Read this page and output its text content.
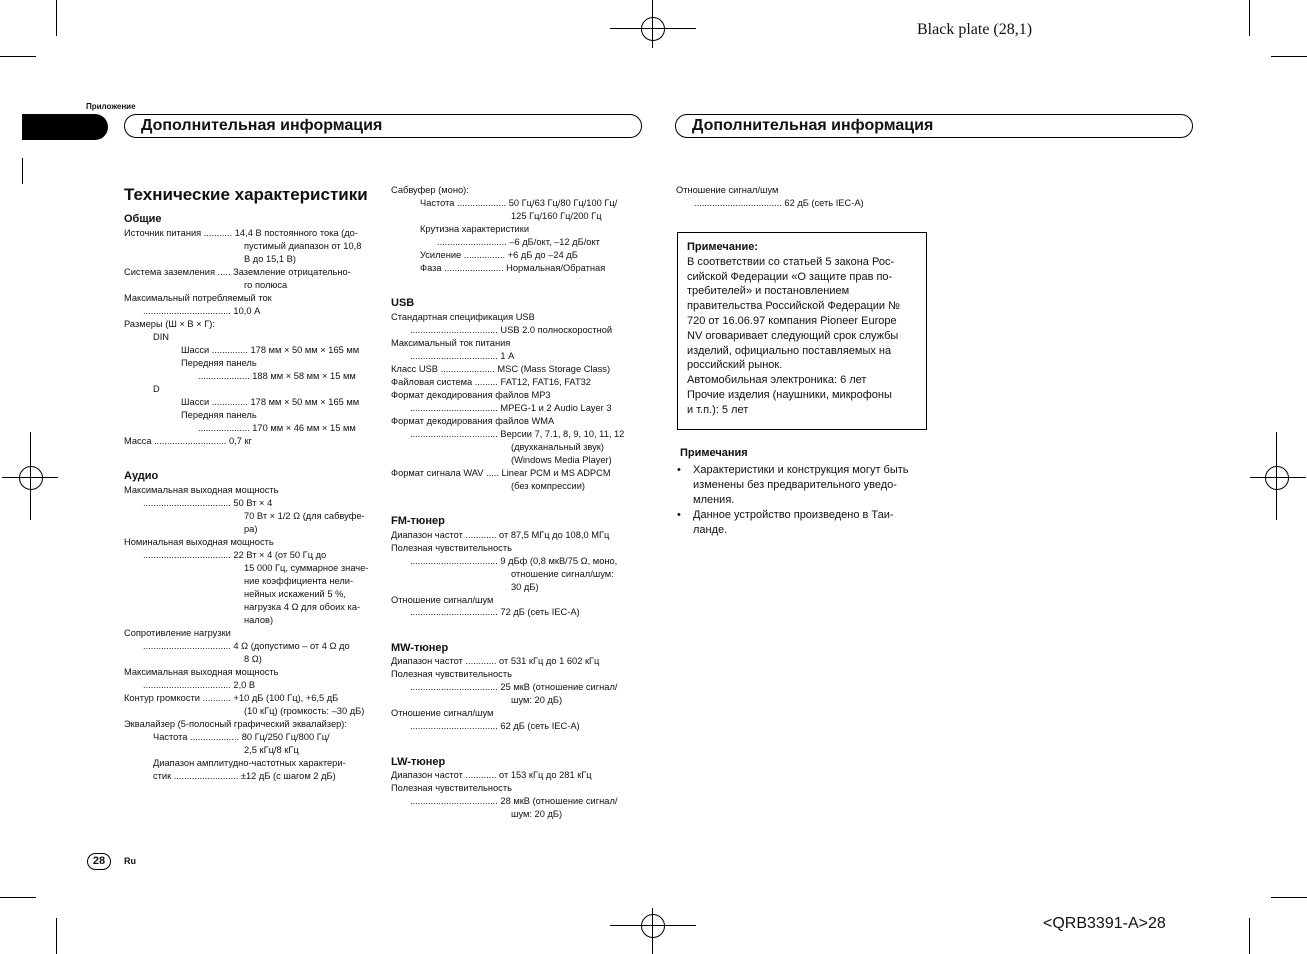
Black plate (28,1)
Приложение
Дополнительная информация	Дополнительная информация
Технические характеристики
Общие
Источник питания ........... 14,4 В постоянного тока (до-
пустимый диапазон от 10,8
В до 15,1 В)
Система заземления ..... Заземление отрицательно-
го полюса
Максимальный потребляемый ток
.................................. 10,0 А
Размеры (Ш × В × Г):
DIN
Шасси .............. 178 мм × 50 мм × 165 мм
Передняя панель
.................... 188 мм × 58 мм × 15 мм
D
Шасси .............. 178 мм × 50 мм × 165 мм
Передняя панель
.................... 170 мм × 46 мм × 15 мм
Масса ............................ 0,7 кг
Аудио
Максимальная выходная мощность
.................................. 50 Вт × 4
70 Вт × 1/2 Ω (для сабвуфе-
ра)
Номинальная выходная мощность
.................................. 22 Вт × 4 (от 50 Гц до
15 000 Гц, суммарное значе-
ние коэффициента нели-
нейных искажений 5 %,
нагрузка 4 Ω для обоих ка-
налов)
Сопротивление нагрузки
.................................. 4 Ω (допустимо – от 4 Ω до
8 Ω)
Максимальная выходная мощность
.................................. 2,0 В
Контур громкости ........... +10 дБ (100 Гц), +6,5 дБ
(10 кГц) (громкость: –30 дБ)
Эквалайзер (5-полосный графический эквалайзер):
Частота ................... 80 Гц/250 Гц/800 Гц/
2,5 кГц/8 кГц
Диапазон амплитудно-частотных характери-
стик ......................... ±12 дБ (с шагом 2 дБ)
Сабвуфер (моно):
Частота ................... 50 Гц/63 Гц/80 Гц/100 Гц/
125 Гц/160 Гц/200 Гц
Крутизна характеристики
........................... –6 дБ/окт, –12 дБ/окт
Усиление ................ +6 дБ до –24 дБ
Фаза ....................... Нормальная/Обратная
USB
Стандартная спецификация USB
.................................. USB 2.0 полноскоростной
Максимальный ток питания
.................................. 1 А
Класс USB ..................... MSC (Mass Storage Class)
Файловая система ......... FAT12, FAT16, FAT32
Формат декодирования файлов MP3
.................................. MPEG-1 и 2 Audio Layer 3
Формат декодирования файлов WMA
.................................. Версии 7, 7.1, 8, 9, 10, 11, 12
(двухканальный звук)
(Windows Media Player)
Формат сигнала WAV ..... Linear PCM и MS ADPCM
(без компрессии)
FM-тюнер
Диапазон частот ............ от 87,5 МГц до 108,0 МГц
Полезная чувствительность
.................................. 9 дБф (0,8 мкВ/75 Ω, моно,
отношение сигнал/шум:
30 дБ)
Отношение сигнал/шум
.................................. 72 дБ (сеть IEC-A)
MW-тюнер
Диапазон частот ............ от 531 кГц до 1 602 кГц
Полезная чувствительность
.................................. 25 мкВ (отношение сигнал/
шум: 20 дБ)
Отношение сигнал/шум
.................................. 62 дБ (сеть IEC-A)
LW-тюнер
Диапазон частот ............ от 153 кГц до 281 кГц
Полезная чувствительность
.................................. 28 мкВ (отношение сигнал/
шум: 20 дБ)
Отношение сигнал/шум
.................................. 62 дБ (сеть IEC-A)
Примечание:
В соответствии со статьей 5 закона Рос-
сийской Федерации «О защите прав по-
требителей» и постановлением
правительства Российской Федерации №
720 от 16.06.97 компания Pioneer Europe
NV оговаривает следующий срок службы
изделий, официально поставляемых на
российский рынок.
Автомобильная электроника: 6 лет
Прочие изделия (наушники, микрофоны
и т.п.): 5 лет
Примечания
• Характеристики и конструкция могут быть изменены без предварительного уведо-мления.
• Данное устройство произведено в Таи-ланде.
28	Ru
<QRB3391-A>28
